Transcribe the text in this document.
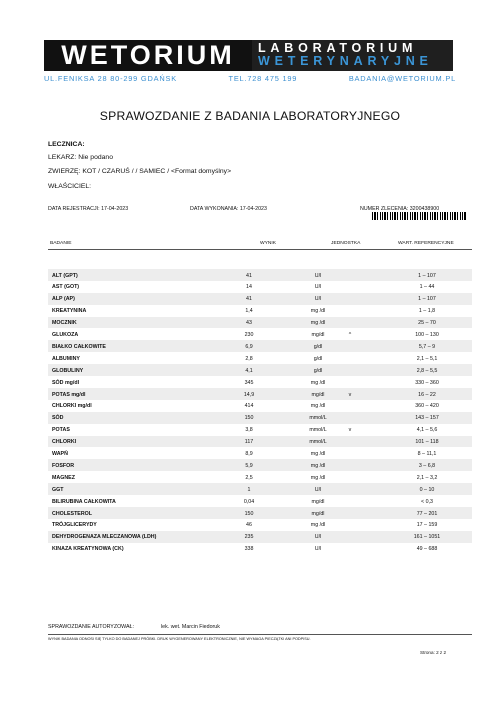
WETORIUM	LABORATORIUM
WETERYNARYJNE
UL.FENIKSA 28 80-299 GDAŃSK	TEL.728 475 199	BADANIA@WETORIUM.PL
SPRAWOZDANIE Z BADANIA LABORATORYJNEGO
LECZNICA:
LEKARZ: Nie podano
ZWIERZĘ: KOT / CZARUŚ / / SAMIEC / <Format domyślny>
WŁAŚCICIEL:
DATA REJESTRACJI: 17-04-2023	DATA WYKONANIA: 17-04-2023	NUMER ZLECENIA: 3200438900
BADANIE	WYNIK	JEDNOSTKA	WART. REFERENCYJNE
ALT (GPT)	41	U/l	1 – 107
AST (GOT)	14	U/l	1 – 44
ALP (AP)	41	U/l	1 – 107
KREATYNINA	1,4	mg /dl	1 – 1,8
MOCZNIK	43	mg /dl	25 – 70
GLUKOZA	230	mg/dl	^	100 – 130
BIAŁKO CAŁKOWITE	6,9	g/dl	5,7 – 9
ALBUMINY	2,8	g/dl	2,1 – 5,1
GLOBULINY	4,1	g/dl	2,8 – 5,5
SÓD mg/dl	345	mg /dl	330 – 360
POTAS mg/dl	14,9	mg/dl	v	16 – 22
CHLORKI mg/dl	414	mg /dl	360 – 420
SÓD	150	mmol/L	143 – 157
POTAS	3,8	mmol/L	v	4,1 – 5,6
CHLORKI	117	mmol/L	101 – 118
WAPŃ	8,9	mg /dl	8 – 11,1
FOSFOR	5,9	mg /dl	3 – 6,8
MAGNEZ	2,5	mg /dl	2,1 – 3,2
GGT	1	U/l	0 – 10
BILIRUBINA CAŁKOWITA	0,04	mg/dl	< 0,3
CHOLESTEROL	150	mg/dl	77 – 201
TRÓJGLICERYDY	46	mg /dl	17 – 159
DEHYDROGENAZA MLECZANOWA (LDH)	235	U/l	161 – 1051
KINAZA KREATYNOWA (CK)	338	U/l	49 – 688
SPRAWOZDANIE AUTORYZOWAŁ:	lek. wet. Marcin Fiedoruk
WYNIK BADANIA ODNOSI SIĘ TYLKO DO BADANEJ PRÓBKI. DRUK WYGENEROWANY ELEKTRONICZNIE, NIE WYMAGA PIECZĄTKI ANI PODPISU.
Strona: 2 z 2
